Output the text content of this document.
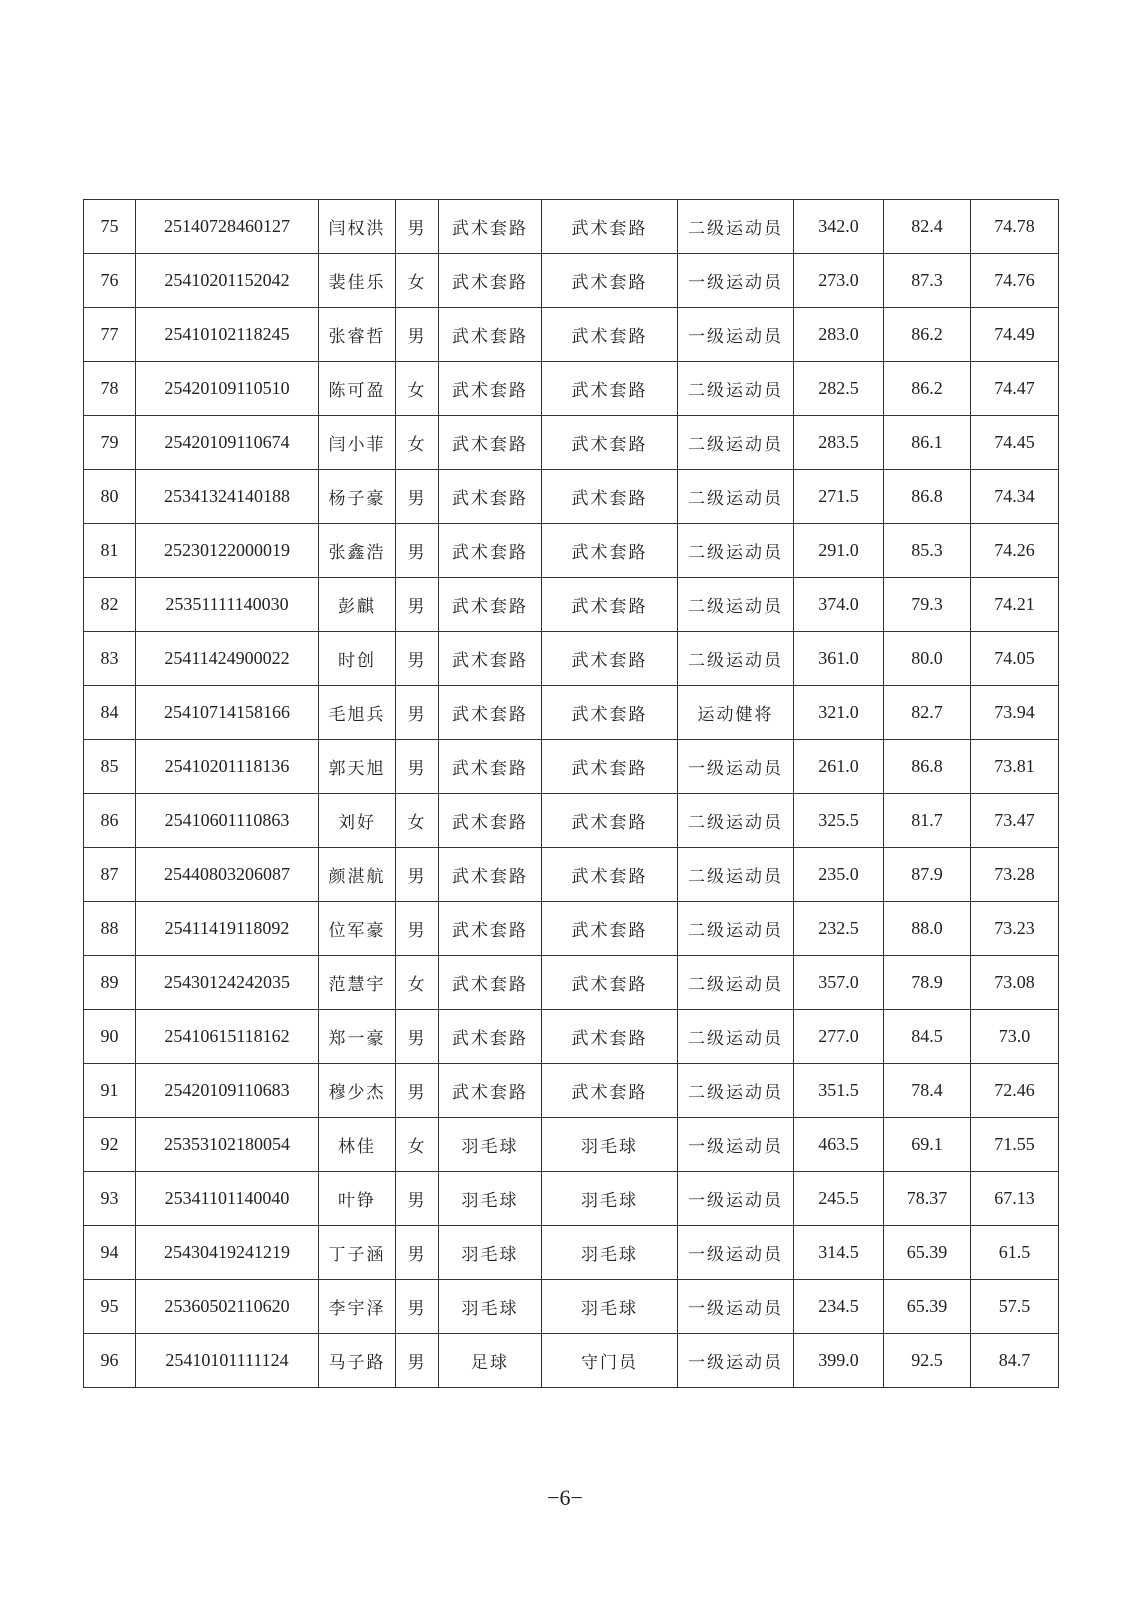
75	25140728460127	闫权洪	男	武术套路	武术套路	二级运动员	342.0	82.4	74.78
76	25410201152042	裴佳乐	女	武术套路	武术套路	一级运动员	273.0	87.3	74.76
77	25410102118245	张睿哲	男	武术套路	武术套路	一级运动员	283.0	86.2	74.49
78	25420109110510	陈可盈	女	武术套路	武术套路	二级运动员	282.5	86.2	74.47
79	25420109110674	闫小菲	女	武术套路	武术套路	二级运动员	283.5	86.1	74.45
80	25341324140188	杨子豪	男	武术套路	武术套路	二级运动员	271.5	86.8	74.34
81	25230122000019	张鑫浩	男	武术套路	武术套路	二级运动员	291.0	85.3	74.26
82	25351111140030	彭麒	男	武术套路	武术套路	二级运动员	374.0	79.3	74.21
83	25411424900022	时创	男	武术套路	武术套路	二级运动员	361.0	80.0	74.05
84	25410714158166	毛旭兵	男	武术套路	武术套路	运动健将	321.0	82.7	73.94
85	25410201118136	郭天旭	男	武术套路	武术套路	一级运动员	261.0	86.8	73.81
86	25410601110863	刘好	女	武术套路	武术套路	二级运动员	325.5	81.7	73.47
87	25440803206087	颜湛航	男	武术套路	武术套路	二级运动员	235.0	87.9	73.28
88	25411419118092	位军豪	男	武术套路	武术套路	二级运动员	232.5	88.0	73.23
89	25430124242035	范慧宇	女	武术套路	武术套路	二级运动员	357.0	78.9	73.08
90	25410615118162	郑一豪	男	武术套路	武术套路	二级运动员	277.0	84.5	73.0
91	25420109110683	穆少杰	男	武术套路	武术套路	二级运动员	351.5	78.4	72.46
92	25353102180054	林佳	女	羽毛球	羽毛球	一级运动员	463.5	69.1	71.55
93	25341101140040	叶铮	男	羽毛球	羽毛球	一级运动员	245.5	78.37	67.13
94	25430419241219	丁子涵	男	羽毛球	羽毛球	一级运动员	314.5	65.39	61.5
95	25360502110620	李宇泽	男	羽毛球	羽毛球	一级运动员	234.5	65.39	57.5
96	25410101111124	马子路	男	足球	守门员	一级运动员	399.0	92.5	84.7
−6−
